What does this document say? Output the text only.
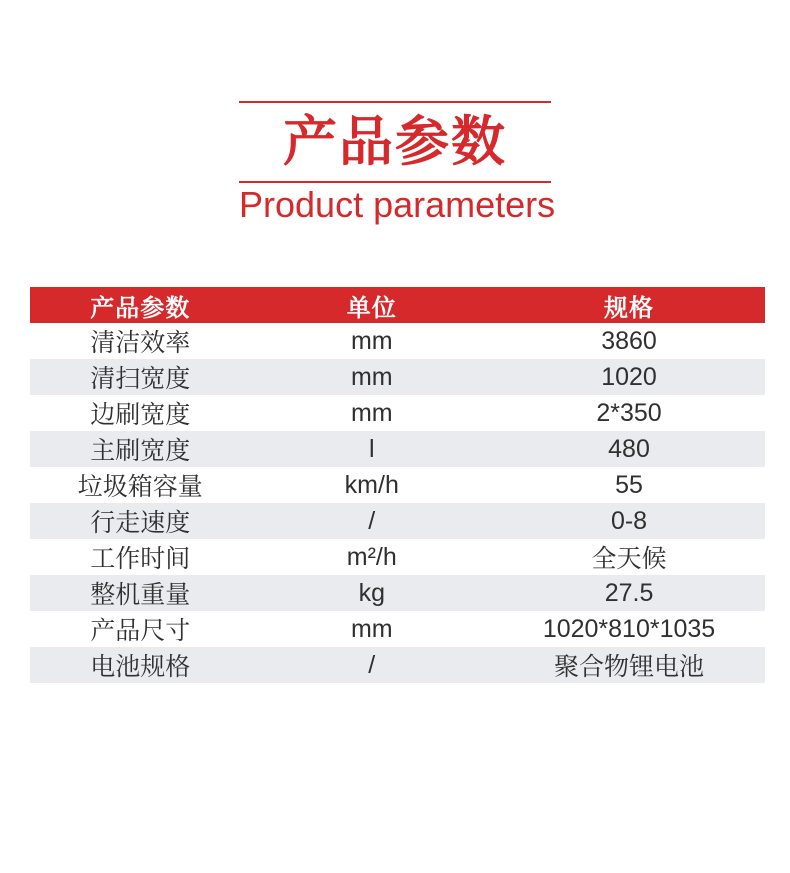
产品参数
Product parameters
产品参数	单位	规格
清洁效率	mm	3860
清扫宽度	mm	1020
边刷宽度	mm	2*350
主刷宽度	l	480
垃圾箱容量	km/h	55
行走速度	/	0-8
工作时间	m²/h	全天候
整机重量	kg	27.5
产品尺寸	mm	1020*810*1035
电池规格	/	聚合物锂电池
